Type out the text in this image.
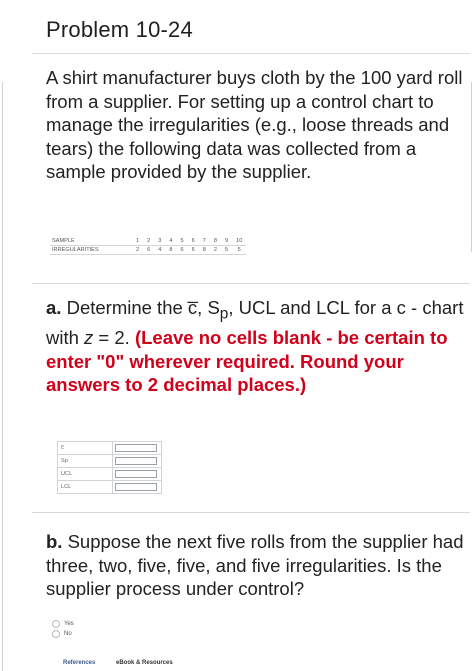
Problem 10-24
A shirt manufacturer buys cloth by the 100 yard roll from a supplier. For setting up a control chart to manage the irregularities (e.g., loose threads and tears) the following data was collected from a sample provided by the supplier.
SAMPLE	1	2	3	4	5	6	7	8	9	10
IRREGULARITIES	2	6	4	8	6	6	8	2	5	5
a. Determine the c̅, $S_p$, UCL and LCL for a c - chart with z = 2. (Leave no cells blank - be certain to enter "0" wherever required. Round your answers to 2 decimal places.)
c̅	

Sp	

UCL	

LCL	
b. Suppose the next five rolls from the supplier had three, two, five, five, and five irregularities. Is the supplier process under control?
Yes
No
References	eBook & Resources
